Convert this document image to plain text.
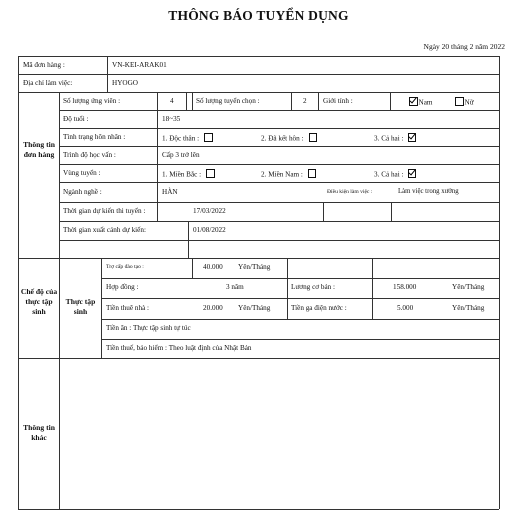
THÔNG BÁO TUYỂN DỤNG
Ngày 20 tháng 2 năm 2022
Mã đơn hàng :	VN-KEI-ARAK01
Địa chỉ làm việc:	HYOGO
Thông tin đơn hàng
Số lượng ứng viên :	4	Số lượng tuyển chọn :	2 Giới tính :	Nam	Nữ
Độ tuổi :	18~35
Tình trạng hôn nhân :	1. Độc thân :	2. Đã kết hôn :	3. Cả hai :
Trình độ học vấn :	Cấp 3 trở lên
Vùng tuyển :	1. Miền Bắc :	2. Miền Nam :	3. Cả hai :
Ngành nghề :	HÀN	Điều kiện làm việc :	Làm việc trong xưởng
Thời gian dự kiến thi tuyển :	17/03/2022
Thời gian xuất cảnh dự kiến:	01/08/2022
Chế độ của thực tập sinh
Thực tập sinh
Trợ cấp đào tạo :	40.000 Yên/Tháng
Hợp đồng :	3 năm	Lương cơ bản :	158.000	Yên/Tháng
Tiền thuê nhà :	20.000 Yên/Tháng	Tiền ga điện nước :	5.000	Yên/Tháng
Tiền ăn : Thực tập sinh tự túc
Tiền thuế, bảo hiểm : Theo luật định của Nhật Bản
Thông tin khác
